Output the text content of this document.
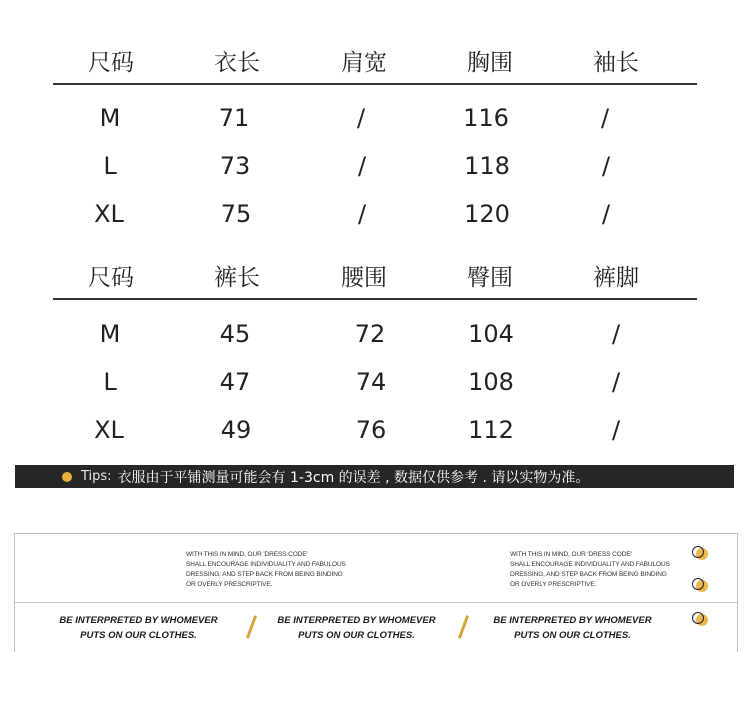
尺码	衣长	肩宽	胸围	袖长
M	71	/	116	/
L	73	/	118	/
XL	75	/	120	/
尺码	裤长	腰围	臀围	裤脚
M	45	72	104	/
L	47	74	108	/
XL	49	76	112	/
Tips: 衣服由于平铺测量可能会有 1-3cm 的误差 , 数据仅供参考 . 请以实物为准。
WITH THIS IN MIND, OUR 'DRESS CODE'
SHALL ENCOURAGE INDIVIDUALITY AND FABULOUS
DRESSING, AND STEP BACK FROM BEING BINDING
OR OVERLY PRESCRIPTIVE.
WITH THIS IN MIND, OUR 'DRESS CODE'
SHALL ENCOURAGE INDIVIDUALITY AND FABULOUS
DRESSING, AND STEP BACK FROM BEING BINDING
OR OVERLY PRESCRIPTIVE.
BE INTERPRETED BY WHOMEVER
PUTS ON OUR CLOTHES.
BE INTERPRETED BY WHOMEVER
PUTS ON OUR CLOTHES.
BE INTERPRETED BY WHOMEVER
PUTS ON OUR CLOTHES.
